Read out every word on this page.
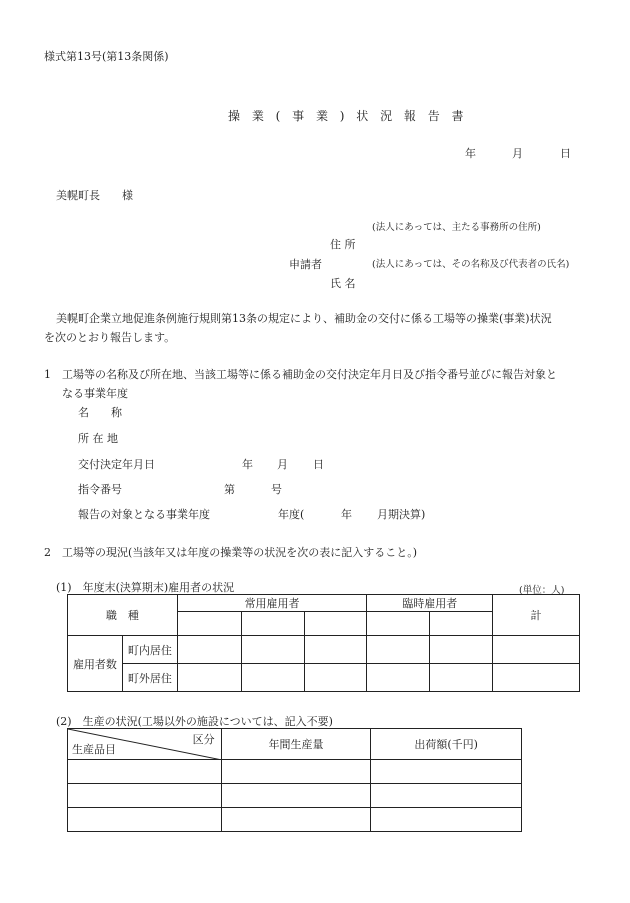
様式第13号(第13条関係)
操 業 ( 事 業 ) 状 況 報 告 書
年	月	日
美幌町長　　様
(法人にあっては、主たる事務所の住所)
住 所
申請者	(法人にあっては、その名称及び代表者の氏名)
氏 名
美幌町企業立地促進条例施行規則第13条の規定により、補助金の交付に係る工場等の操業(事業)状況
を次のとおり報告します。
1　工場等の名称及び所在地、当該工場等に係る補助金の交付決定年月日及び指令番号並びに報告対象と
なる事業年度
名　　称
所 在 地
交付決定年月日	年 月 日
指令番号	第	号
報告の対象となる事業年度	年度(	年 月期決算)
2　工場等の現況(当該年又は年度の操業等の状況を次の表に記入すること。)
(1)　年度末(決算期末)雇用者の状況	(単位：人)
職　種		常用雇用者			臨時雇用者		計

雇用者数	町内居住						
	町外居住						
(2)　生産の状況(工場以外の施設については、記入不要)
区分
生産品目	年間生産量	出荷額(千円)
